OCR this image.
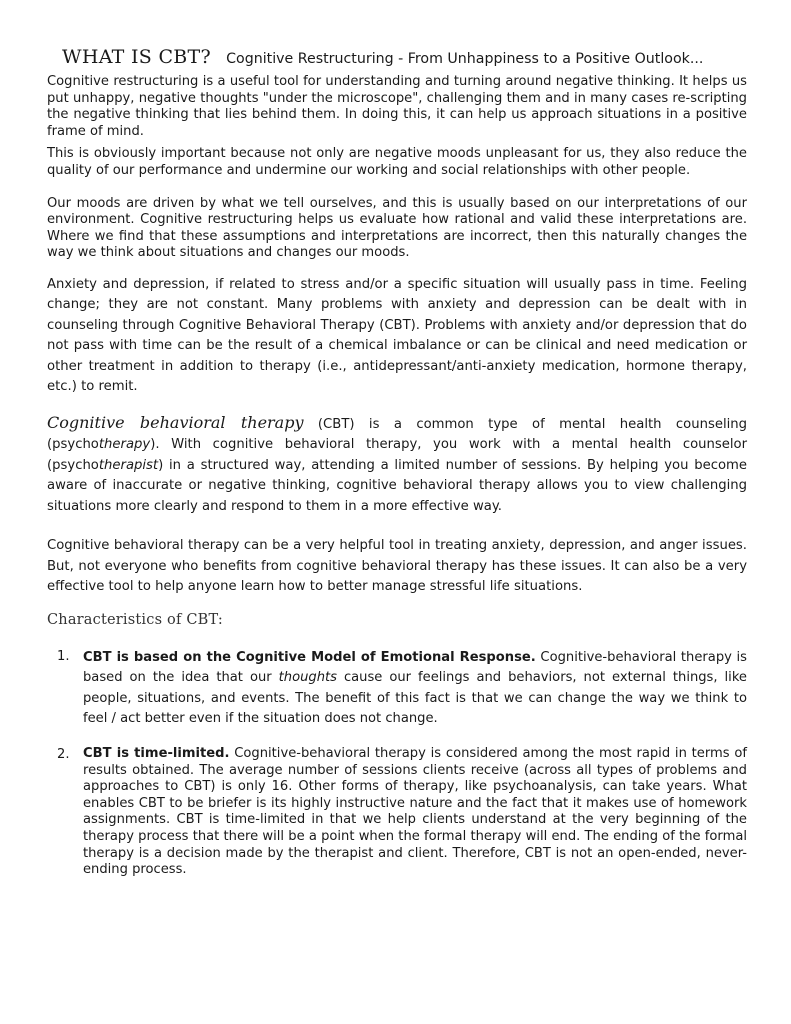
WHAT IS CBT? Cognitive Restructuring - From Unhappiness to a Positive Outlook...

Cognitive restructuring is a useful tool for understanding and turning around negative thinking. It helps us put unhappy, negative thoughts "under the microscope", challenging them and in many cases re-scripting the negative thinking that lies behind them. In doing this, it can help us approach situations in a positive frame of mind.

This is obviously important because not only are negative moods unpleasant for us, they also reduce the quality of our performance and undermine our working and social relationships with other people.

Our moods are driven by what we tell ourselves, and this is usually based on our interpretations of our environment. Cognitive restructuring helps us evaluate how rational and valid these interpretations are. Where we find that these assumptions and interpretations are incorrect, then this naturally changes the way we think about situations and changes our moods.

Anxiety and depression, if related to stress and/or a specific situation will usually pass in time. Feeling change; they are not constant. Many problems with anxiety and depression can be dealt with in counseling through Cognitive Behavioral Therapy (CBT). Problems with anxiety and/or depression that do not pass with time can be the result of a chemical imbalance or can be clinical and need medication or other treatment in addition to therapy (i.e., antidepressant/anti-anxiety medication, hormone therapy, etc.) to remit.

Cognitive behavioral therapy (CBT) is a common type of mental health counseling (psychotherapy). With cognitive behavioral therapy, you work with a mental health counselor (psychotherapist) in a structured way, attending a limited number of sessions. By helping you become aware of inaccurate or negative thinking, cognitive behavioral therapy allows you to view challenging situations more clearly and respond to them in a more effective way.

Cognitive behavioral therapy can be a very helpful tool in treating anxiety, depression, and anger issues. But, not everyone who benefits from cognitive behavioral therapy has these issues. It can also be a very effective tool to help anyone learn how to better manage stressful life situations.

Characteristics of CBT:
1. CBT is based on the Cognitive Model of Emotional Response. Cognitive-behavioral therapy is based on the idea that our thoughts cause our feelings and behaviors, not external things, like people, situations, and events. The benefit of this fact is that we can change the way we think to feel / act better even if the situation does not change.
2. CBT is time-limited. Cognitive-behavioral therapy is considered among the most rapid in terms of results obtained. The average number of sessions clients receive (across all types of problems and approaches to CBT) is only 16. Other forms of therapy, like psychoanalysis, can take years. What enables CBT to be briefer is its highly instructive nature and the fact that it makes use of homework assignments. CBT is time-limited in that we help clients understand at the very beginning of the therapy process that there will be a point when the formal therapy will end. The ending of the formal therapy is a decision made by the therapist and client. Therefore, CBT is not an open-ended, never-ending process.
